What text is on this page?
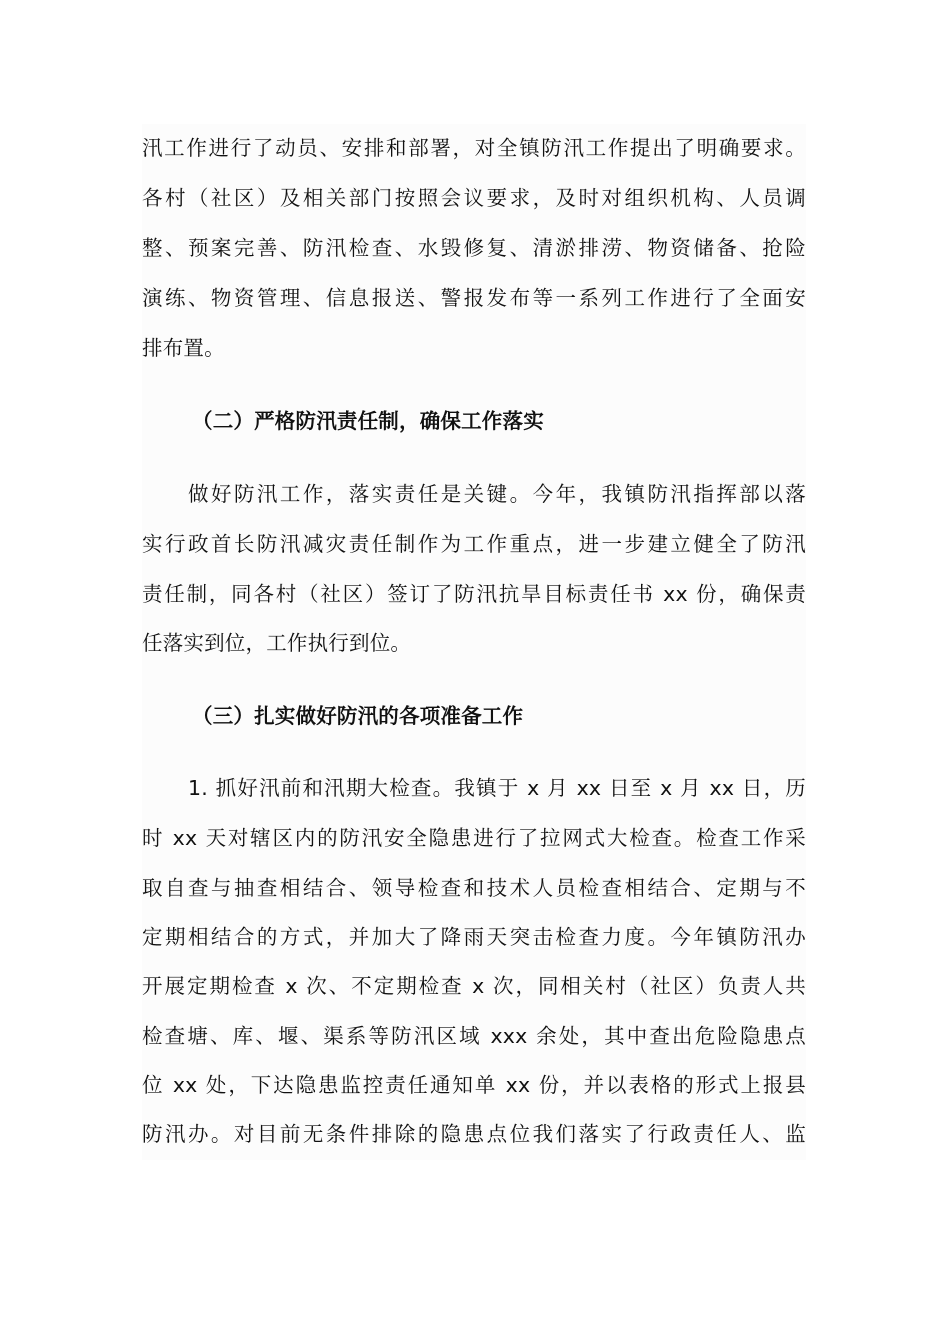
汛工作进行了动员、安排和部署，对全镇防汛工作提出了明确要求。
各村（社区）及相关部门按照会议要求，及时对组织机构、人员调
整、预案完善、防汛检查、水毁修复、清淤排涝、物资储备、抢险
演练、物资管理、信息报送、警报发布等一系列工作进行了全面安
排布置。
（二）严格防汛责任制，确保工作落实
做好防汛工作，落实责任是关键。今年，我镇防汛指挥部以落
实行政首长防汛减灾责任制作为工作重点，进一步建立健全了防汛
责任制，同各村（社区）签订了防汛抗旱目标责任书 xx 份，确保责
任落实到位，工作执行到位。
（三）扎实做好防汛的各项准备工作
1. 抓好汛前和汛期大检查。我镇于 x 月 xx 日至 x 月 xx 日，历
时 xx 天对辖区内的防汛安全隐患进行了拉网式大检查。检查工作采
取自查与抽查相结合、领导检查和技术人员检查相结合、定期与不
定期相结合的方式，并加大了降雨天突击检查力度。今年镇防汛办
开展定期检查 x 次、不定期检查 x 次，同相关村（社区）负责人共
检查塘、库、堰、渠系等防汛区域 xxx 余处，其中查出危险隐患点
位 xx 处，下达隐患监控责任通知单 xx 份，并以表格的形式上报县
防汛办。对目前无条件排除的隐患点位我们落实了行政责任人、监
